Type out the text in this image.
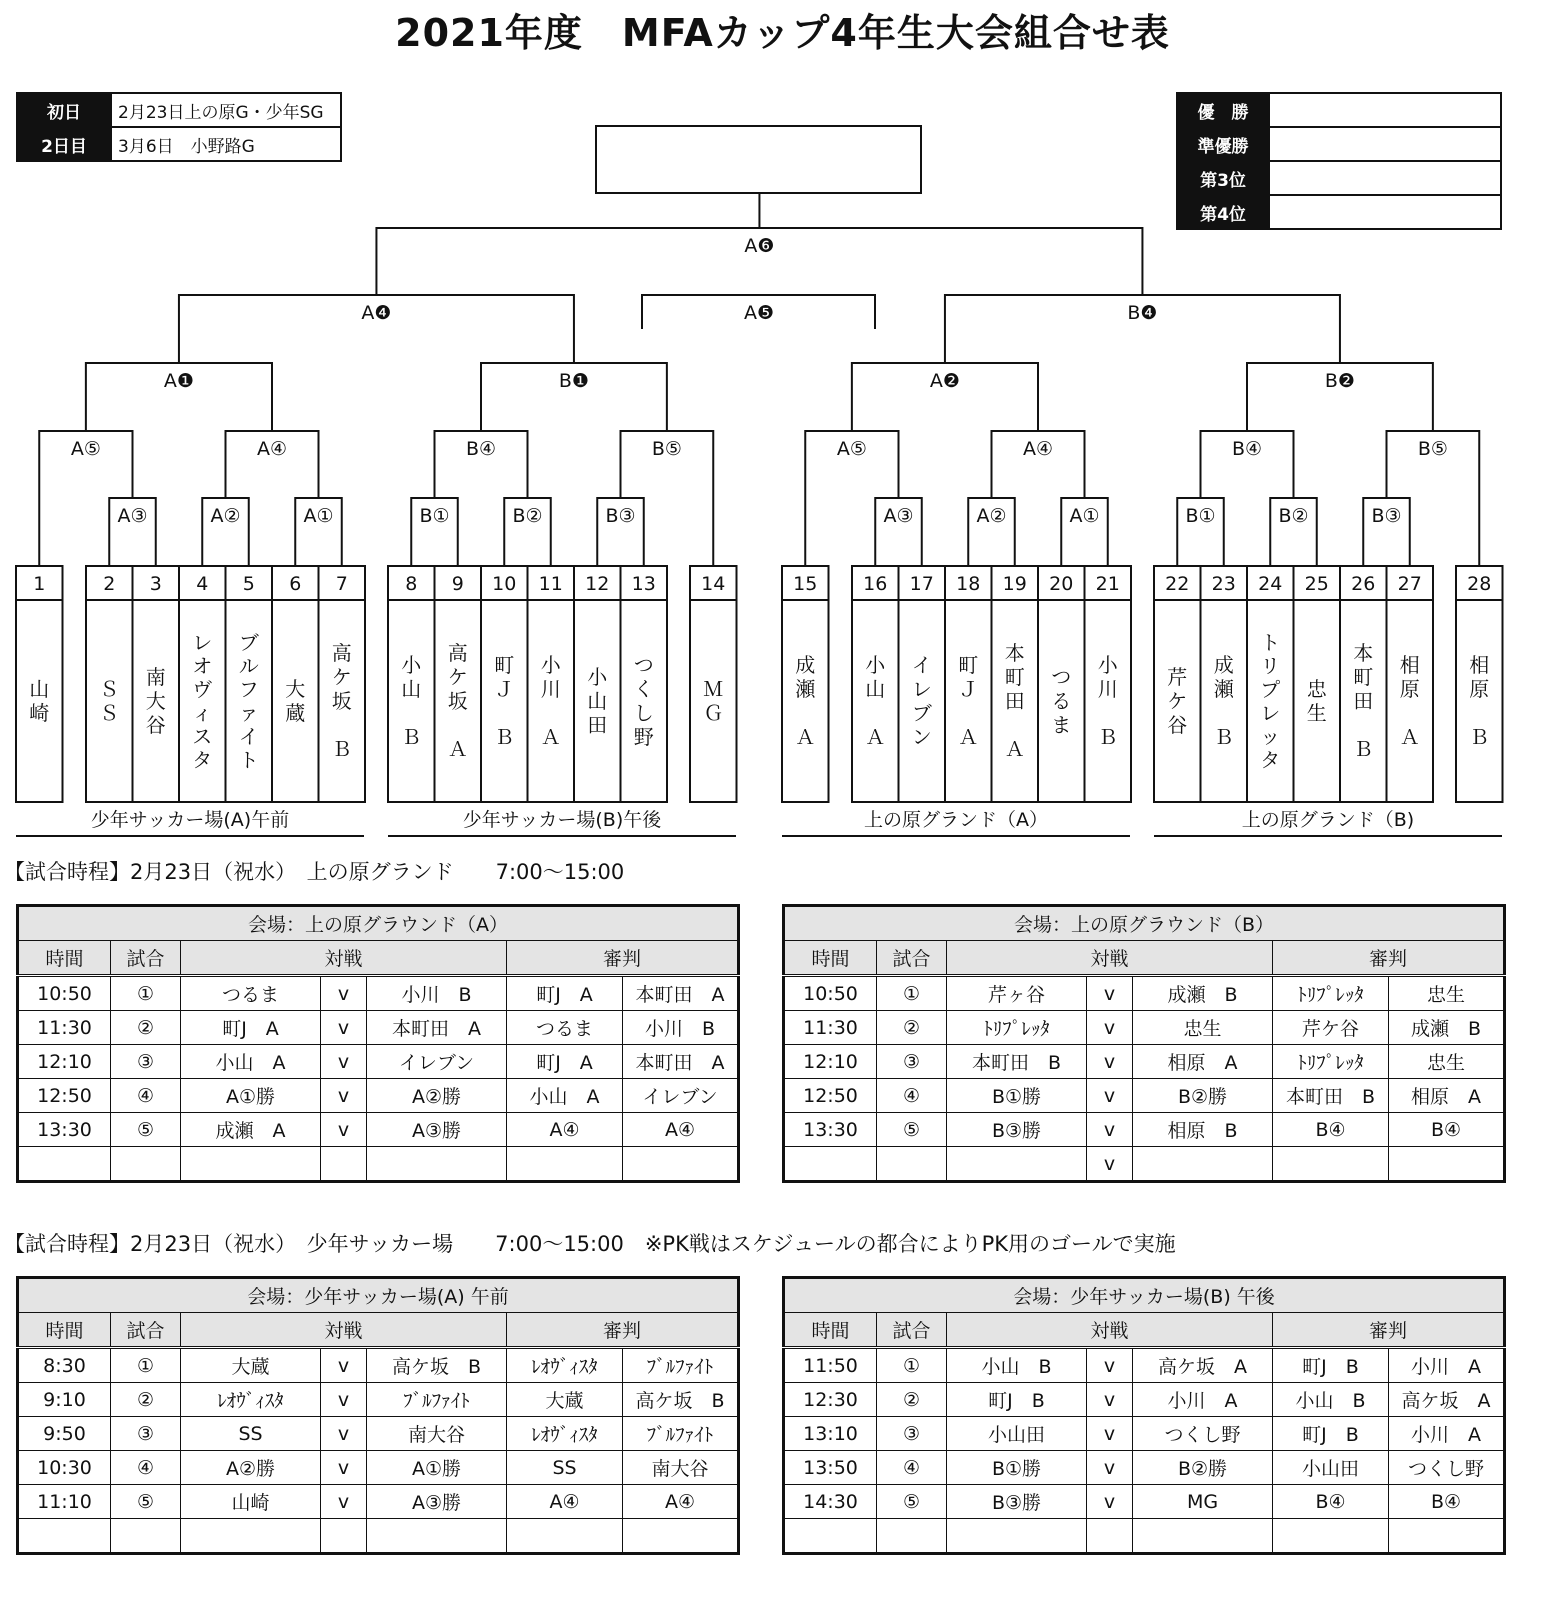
2021年度　MFAカップ4年生大会組合せ表
初日	2月23日上の原G・少年SG
2日目	3月6日　小野路G
優　勝	
準優勝	
第3位	
第4位	
1
山
崎
2
Ｓ
Ｓ
3
南
大
谷
4
レ
オ
ヴ
ィ
ス
タ
5
ブ
ル
フ
ァ
イ
ト
6
大
蔵
7
高
ケ
坂
Ｂ
8
小
山
Ｂ
9
高
ケ
坂
Ａ
10
町
Ｊ
Ｂ
11
小
川
Ａ
12
小
山
田
13
つ
く
し
野
14
Ｍ
Ｇ
15
成
瀬
Ａ
16
小
山
Ａ
17
イ
レ
ブ
ン
18
町
Ｊ
Ａ
19
本
町
田
Ａ
20
つ
る
ま
21
小
川
Ｂ
22
芹
ケ
谷
23
成
瀬
Ｂ
24
ト
リ
プ
レ
ッ
タ
25
忠
生
26
本
町
田
Ｂ
27
相
原
Ａ
28
相
原
Ｂ
A③	A②	A①	B①	B②	B③	A③	A②	A①	B①	B②	B③
A⑤	A④	B④	B⑤	A⑤	A④	B④	B⑤
A❶	B❶	A❷	B❷
A❹	B❹
A❺
A❻
少年サッカー場(A)午前	少年サッカー場(B)午後	上の原グランド（A）	上の原グランド（B)
【試合時程】2月23日（祝水）　上の原グランド　　7:00～15:00
【試合時程】2月23日（祝水）　少年サッカー場　　7:00～15:00　※PK戦はスケジュールの都合によりPK用のゴールで実施
会場：上の原グラウンド（A）						
時間	試合	対戦			審判	
10:50	①	つるま	v	小川　B	町J　A	本町田　A
11:30	②	町J　A	v	本町田　A	つるま	小川　B
12:10	③	小山　A	v	イレブン	町J　A	本町田　A
12:50	④	A①勝	v	A②勝	小山　A	イレブン
13:30	⑤	成瀬　A	v	A③勝	A④	A④

会場：上の原グラウンド（B）						
時間	試合	対戦			審判	
10:50	①	芹ヶ谷	v	成瀬　B	ﾄﾘﾌﾟﾚｯﾀ	忠生
11:30	②	ﾄﾘﾌﾟﾚｯﾀ	v	忠生	芹ケ谷	成瀬　B
12:10	③	本町田　B	v	相原　A	ﾄﾘﾌﾟﾚｯﾀ	忠生
12:50	④	B①勝	v	B②勝	本町田　B	相原　A
13:30	⑤	B③勝	v	相原　B	B④	B④
			v			
会場：少年サッカー場(A) 午前						
時間	試合	対戦			審判	
8:30	①	大蔵	v	高ケ坂　B	ﾚｵｳﾞｨｽﾀ	ﾌﾞﾙﾌｧｲﾄ
9:10	②	ﾚｵｳﾞｨｽﾀ	v	ﾌﾞﾙﾌｧｲﾄ	大蔵	高ケ坂　B
9:50	③	SS	v	南大谷	ﾚｵｳﾞｨｽﾀ	ﾌﾞﾙﾌｧｲﾄ
10:30	④	A②勝	v	A①勝	SS	南大谷
11:10	⑤	山崎	v	A③勝	A④	A④

会場：少年サッカー場(B) 午後						
時間	試合	対戦			審判	
11:50	①	小山　B	v	高ケ坂　A	町J　B	小川　A
12:30	②	町J　B	v	小川　A	小山　B	高ケ坂　A
13:10	③	小山田	v	つくし野	町J　B	小川　A
13:50	④	B①勝	v	B②勝	小山田	つくし野
14:30	⑤	B③勝	v	MG	B④	B④
